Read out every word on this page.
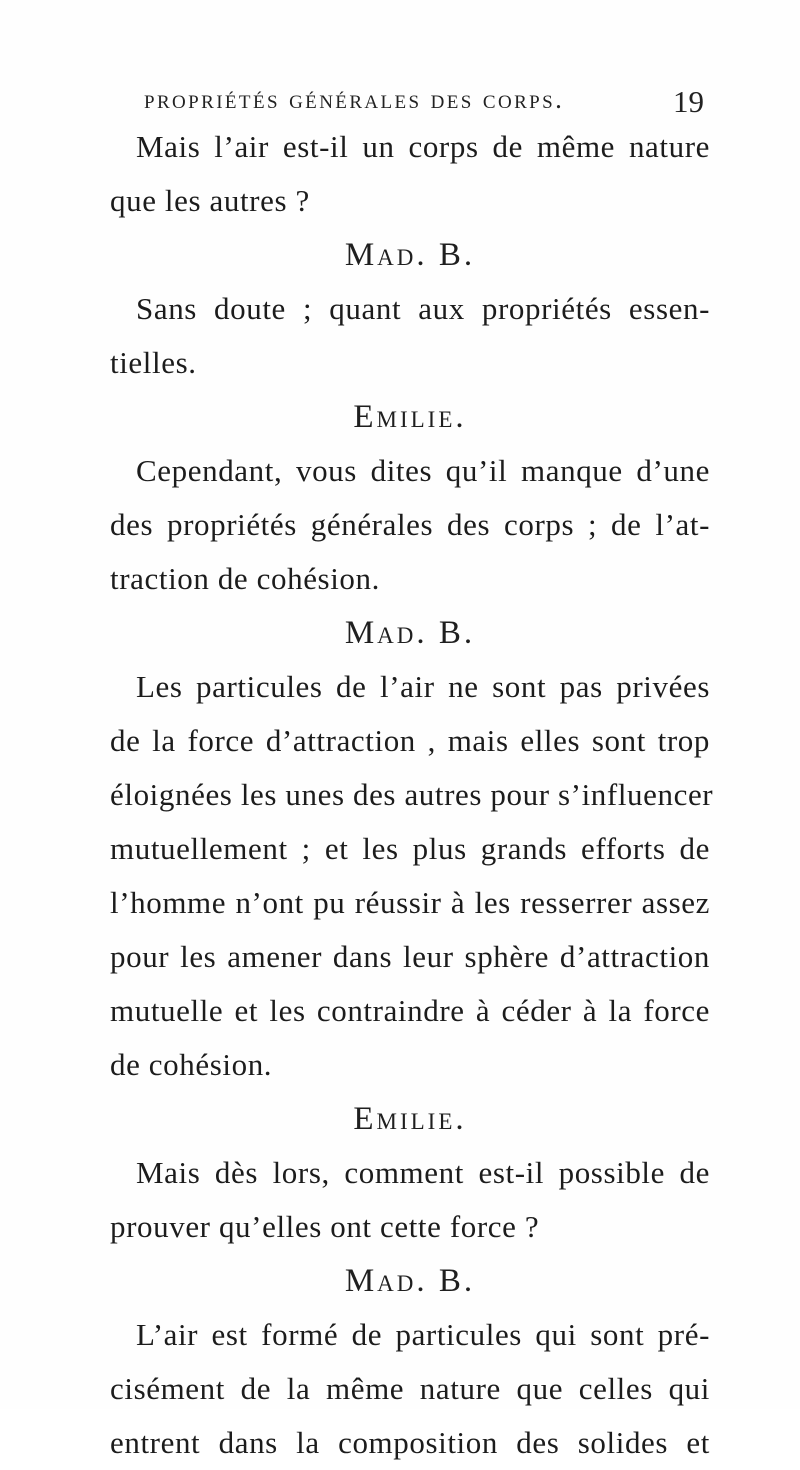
propriétés générales des corps.	19
Mais l’air est-il un corps de même nature
que les autres ?
Mad. B.
Sans doute ; quant aux propriétés essen-
tielles.
Emilie.
Cependant, vous dites qu’il manque d’une
des propriétés générales des corps ; de l’at-
traction de cohésion.
Mad. B.
Les particules de l’air ne sont pas privées
de la force d’attraction , mais elles sont trop
éloignées les unes des autres pour s’influencer
mutuellement ; et les plus grands efforts de
l’homme n’ont pu réussir à les resserrer assez
pour les amener dans leur sphère d’attraction
mutuelle et les contraindre à céder à la force
de cohésion.
Emilie.
Mais dès lors, comment est-il possible de
prouver qu’elles ont cette force ?
Mad. B.
L’air est formé de particules qui sont pré-
cisément de la même nature que celles qui
entrent dans la composition des solides et
